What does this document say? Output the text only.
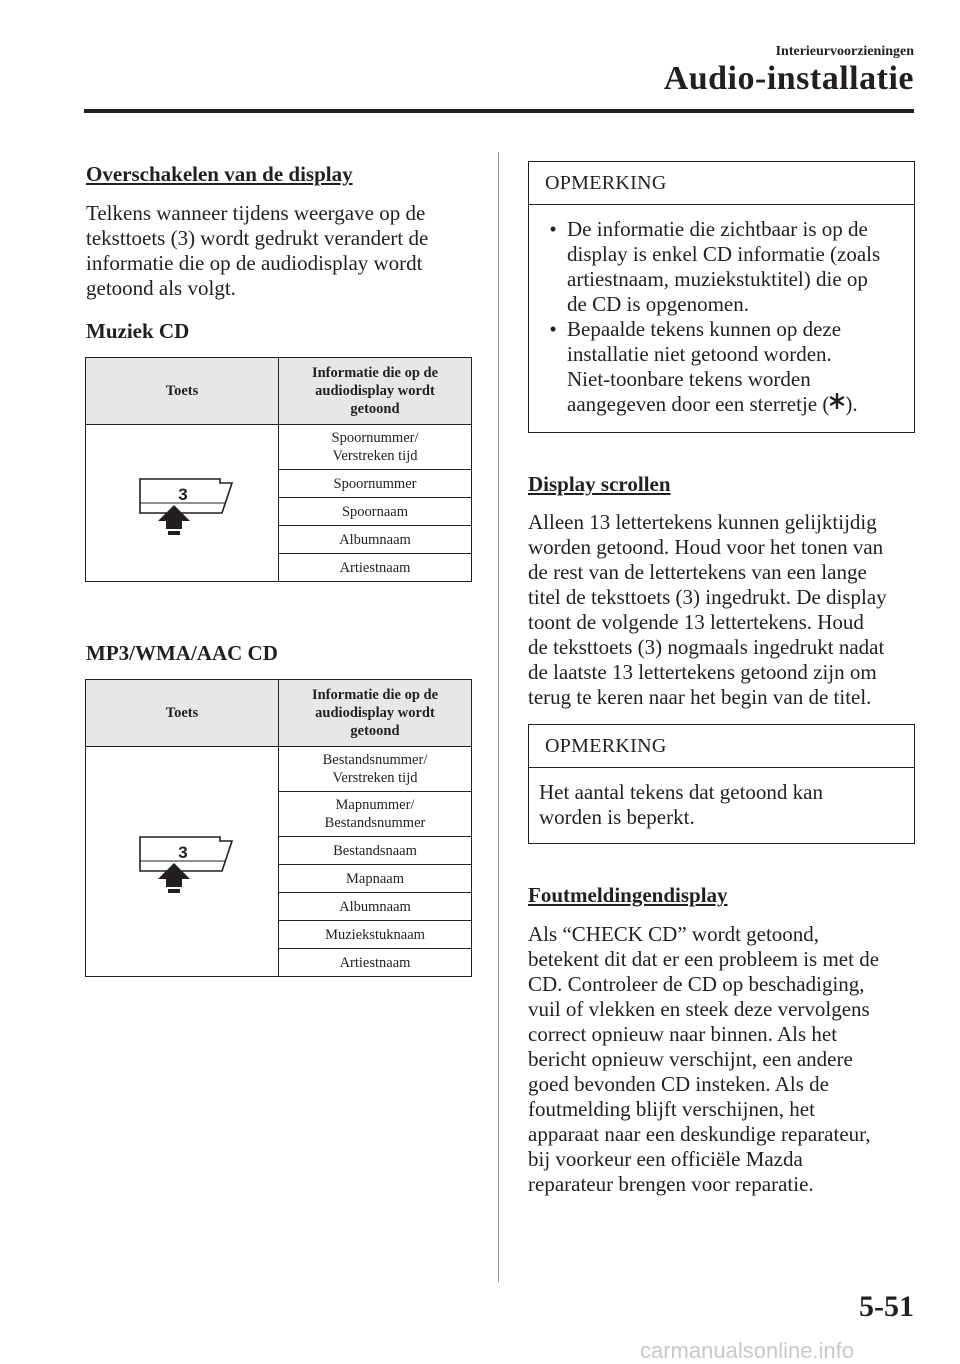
Interieurvoorzieningen
Audio-installatie
Overschakelen van de display
Telkens wanneer tijdens weergave op de
teksttoets (3) wordt gedrukt verandert de
informatie die op de audiodisplay wordt
getoond als volgt.
Muziek CD
Toets	Informatie die op de
audiodisplay wordt
getoond

3	Spoornummer/
Verstreken tijd

	Spoornummer
	Spoornaam
	Albumnaam
	Artiestnaam
MP3/WMA/AAC CD
Toets	Informatie die op de
audiodisplay wordt
getoond

3	Bestandsnummer/
Verstreken tijd

	Mapnummer/
Bestandsnummer

	Bestandsnaam
	Mapnaam
	Albumnaam
	Muziekstuknaam
	Artiestnaam
OPMERKING
• De informatie die zichtbaar is op de
display is enkel CD informatie (zoals
artiestnaam, muziekstuktitel) die op
de CD is opgenomen.
• Bepaalde tekens kunnen op deze
installatie niet getoond worden.
Niet-toonbare tekens worden
aangegeven door een sterretje ( ).
Display scrollen
Alleen 13 lettertekens kunnen gelijktijdig
worden getoond. Houd voor het tonen van
de rest van de lettertekens van een lange
titel de teksttoets (3) ingedrukt. De display
toont de volgende 13 lettertekens. Houd
de teksttoets (3) nogmaals ingedrukt nadat
de laatste 13 lettertekens getoond zijn om
terug te keren naar het begin van de titel.
OPMERKING
Het aantal tekens dat getoond kan
worden is beperkt.
Foutmeldingendisplay
Als “CHECK CD” wordt getoond,
betekent dit dat er een probleem is met de
CD. Controleer de CD op beschadiging,
vuil of vlekken en steek deze vervolgens
correct opnieuw naar binnen. Als het
bericht opnieuw verschijnt, een andere
goed bevonden CD insteken. Als de
foutmelding blijft verschijnen, het
apparaat naar een deskundige reparateur,
bij voorkeur een officiële Mazda
reparateur brengen voor reparatie.
5-51
carmanualsonline.info
